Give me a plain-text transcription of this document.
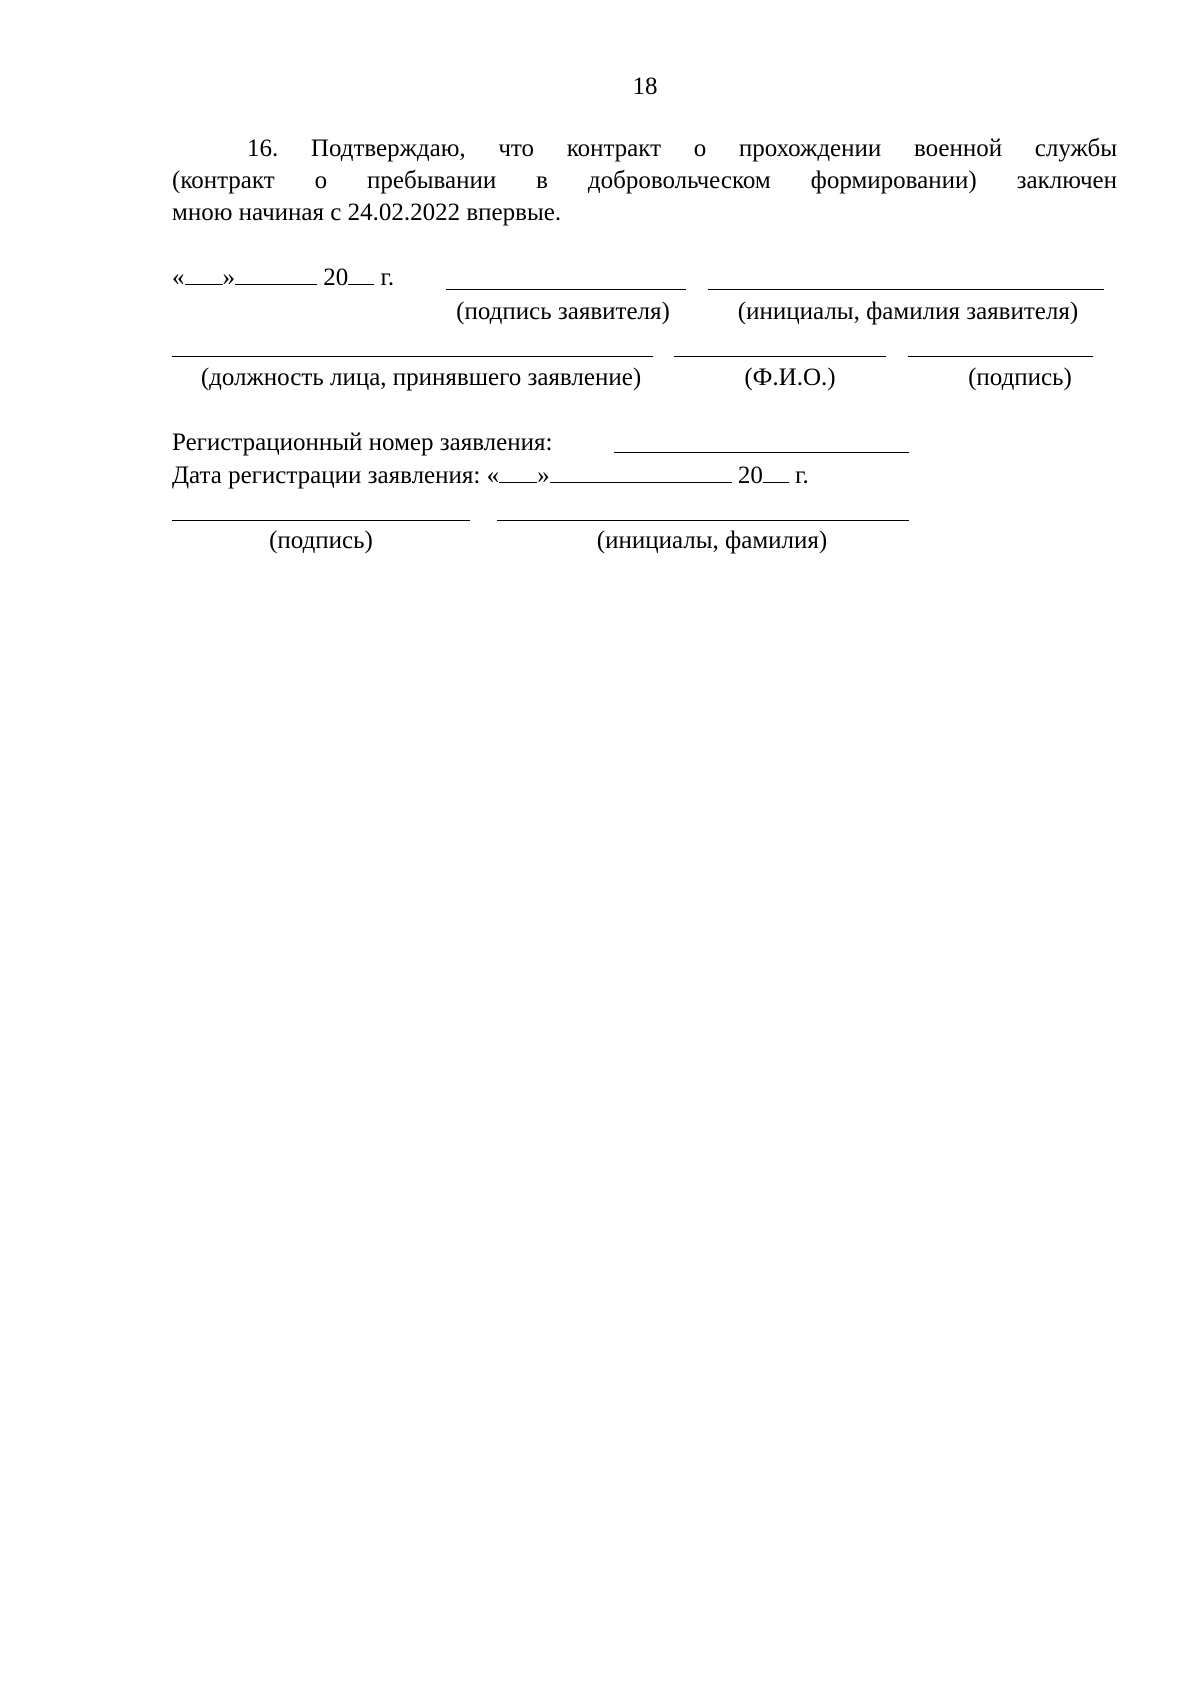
18
16. Подтверждаю, что контракт о прохождении военной службы
(контракт о пребывании в добровольческом формировании) заключен
мною начиная с 24.02.2022 впервые.
« »	20 г.
(подпись заявителя)	(инициалы, фамилия заявителя)
(должность лица, принявшего заявление)	(Ф.И.О.)	(подпись)
Регистрационный номер заявления:
Дата регистрации заявления: « »	20 г.
(подпись)	(инициалы, фамилия)
